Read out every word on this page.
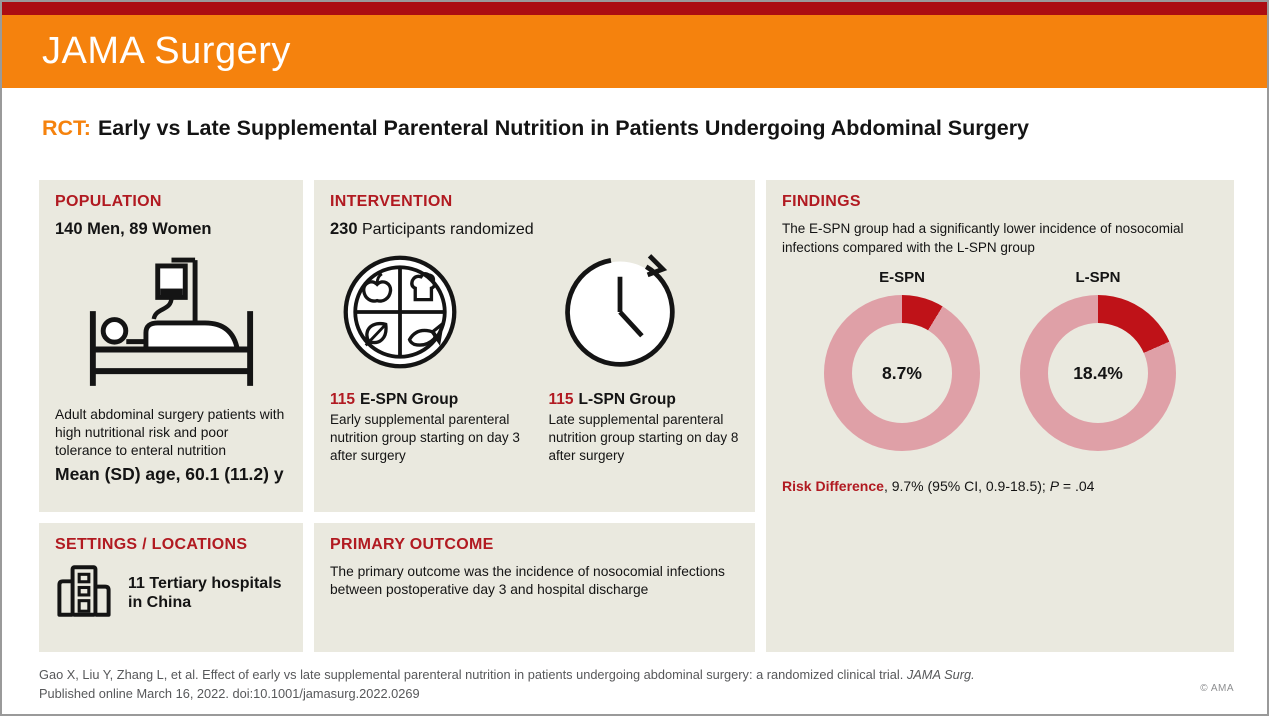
JAMA Surgery
RCT: Early vs Late Supplemental Parenteral Nutrition in Patients Undergoing Abdominal Surgery
POPULATION
140 Men, 89 Women
Adult abdominal surgery patients with high nutritional risk and poor tolerance to enteral nutrition
Mean (SD) age, 60.1 (11.2) y
INTERVENTION
230 Participants randomized
115 E-SPN Group
Early supplemental parenteral nutrition group starting on day 3 after surgery
115 L-SPN Group
Late supplemental parenteral nutrition group starting on day 8 after surgery
FINDINGS
The E-SPN group had a significantly lower incidence of nosocomial infections compared with the L-SPN group
E-SPN
8.7%
L-SPN
18.4%
Risk Difference, 9.7% (95% CI, 0.9-18.5); P = .04
SETTINGS / LOCATIONS
11 Tertiary hospitals in China
PRIMARY OUTCOME
The primary outcome was the incidence of nosocomial infections between postoperative day 3 and hospital discharge
Gao X, Liu Y, Zhang L, et al. Effect of early vs late supplemental parenteral nutrition in patients undergoing abdominal surgery: a randomized clinical trial. JAMA Surg.
Published online March 16, 2022. doi:10.1001/jamasurg.2022.0269	© AMA
